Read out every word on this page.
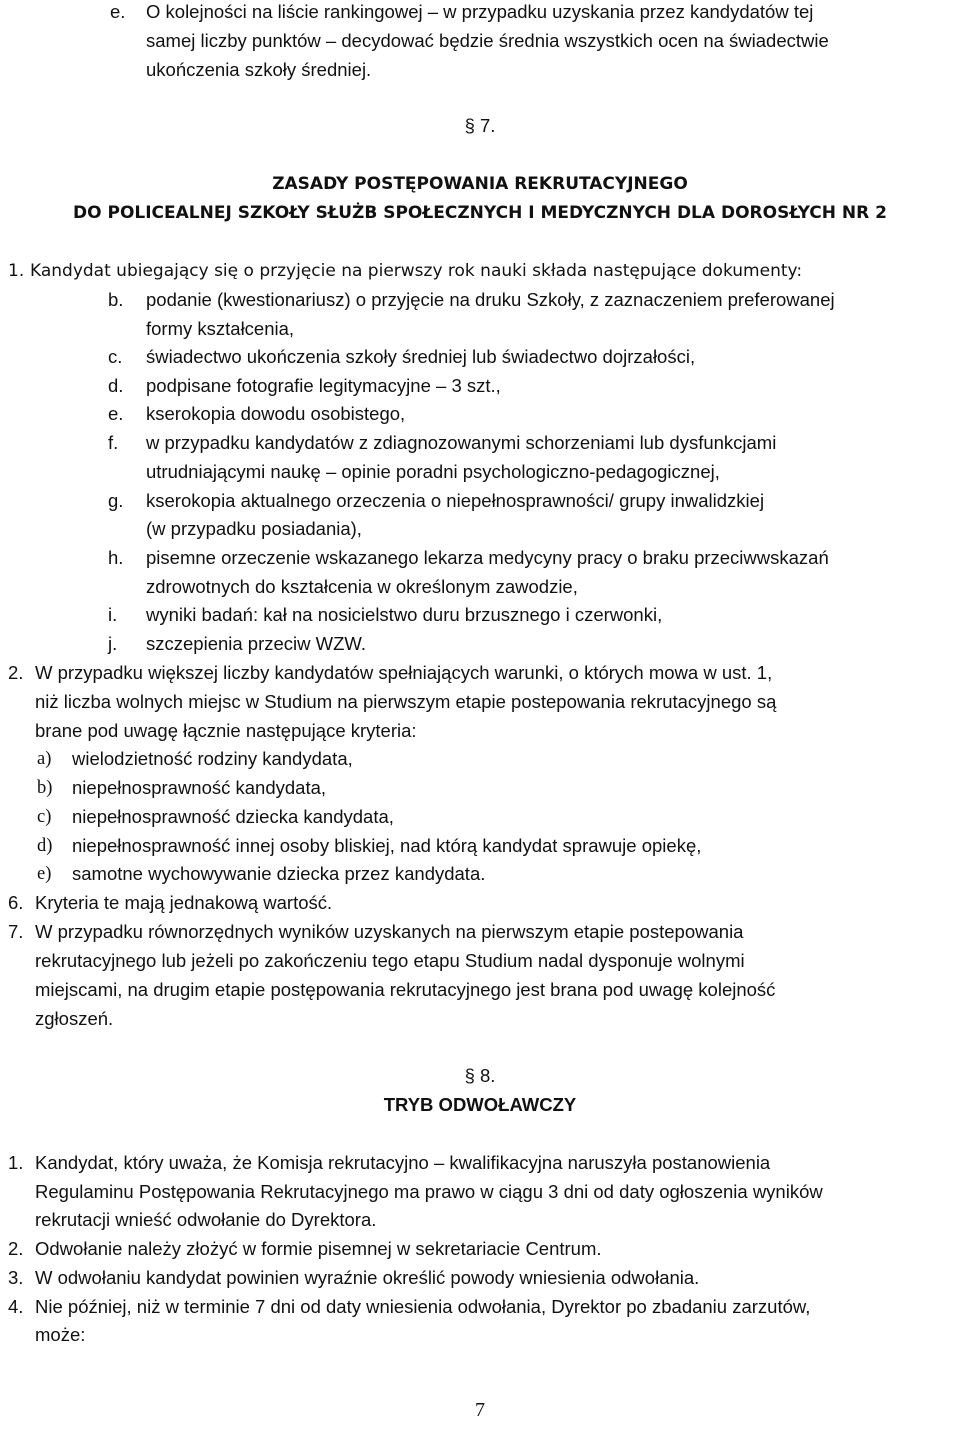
e. O kolejności na liście rankingowej – w przypadku uzyskania przez kandydatów tej
samej liczby punktów – decydować będzie średnia wszystkich ocen na świadectwie
ukończenia szkoły średniej.
§ 7.
ZASADY POSTĘPOWANIA REKRUTACYJNEGO
DO POLICEALNEJ SZKOŁY SŁUŻB SPOŁECZNYCH I MEDYCZNYCH DLA DOROSŁYCH NR 2
1. Kandydat ubiegający się o przyjęcie na pierwszy rok nauki składa następujące dokumenty:
b. podanie (kwestionariusz) o przyjęcie na druku Szkoły, z zaznaczeniem preferowanej
formy kształcenia,
c. świadectwo ukończenia szkoły średniej lub świadectwo dojrzałości,
d. podpisane fotografie legitymacyjne – 3 szt.,
e. kserokopia dowodu osobistego,
f. w przypadku kandydatów z zdiagnozowanymi schorzeniami lub dysfunkcjami
utrudniającymi naukę – opinie poradni psychologiczno-pedagogicznej,
g. kserokopia aktualnego orzeczenia o niepełnosprawności/ grupy inwalidzkiej
(w przypadku posiadania),
h. pisemne orzeczenie wskazanego lekarza medycyny pracy o braku przeciwwskazań
zdrowotnych do kształcenia w określonym zawodzie,
i. wyniki badań: kał na nosicielstwo duru brzusznego i czerwonki,
j. szczepienia przeciw WZW.
2. W przypadku większej liczby kandydatów spełniających warunki, o których mowa w ust. 1,
niż liczba wolnych miejsc w Studium na pierwszym etapie postepowania rekrutacyjnego są
brane pod uwagę łącznie następujące kryteria:
a) wielodzietność rodziny kandydata,
b) niepełnosprawność kandydata,
c) niepełnosprawność dziecka kandydata,
d) niepełnosprawność innej osoby bliskiej, nad którą kandydat sprawuje opiekę,
e) samotne wychowywanie dziecka przez kandydata.
6. Kryteria te mają jednakową wartość.
7. W przypadku równorzędnych wyników uzyskanych na pierwszym etapie postepowania
rekrutacyjnego lub jeżeli po zakończeniu tego etapu Studium nadal dysponuje wolnymi
miejscami, na drugim etapie postępowania rekrutacyjnego jest brana pod uwagę kolejność
zgłoszeń.
§ 8.
TRYB ODWOŁAWCZY
1. Kandydat, który uważa, że Komisja rekrutacyjno – kwalifikacyjna naruszyła postanowienia
Regulaminu Postępowania Rekrutacyjnego ma prawo w ciągu 3 dni od daty ogłoszenia wyników
rekrutacji wnieść odwołanie do Dyrektora.
2. Odwołanie należy złożyć w formie pisemnej w sekretariacie Centrum.
3. W odwołaniu kandydat powinien wyraźnie określić powody wniesienia odwołania.
4. Nie później, niż w terminie 7 dni od daty wniesienia odwołania, Dyrektor po zbadaniu zarzutów,
może:
7
